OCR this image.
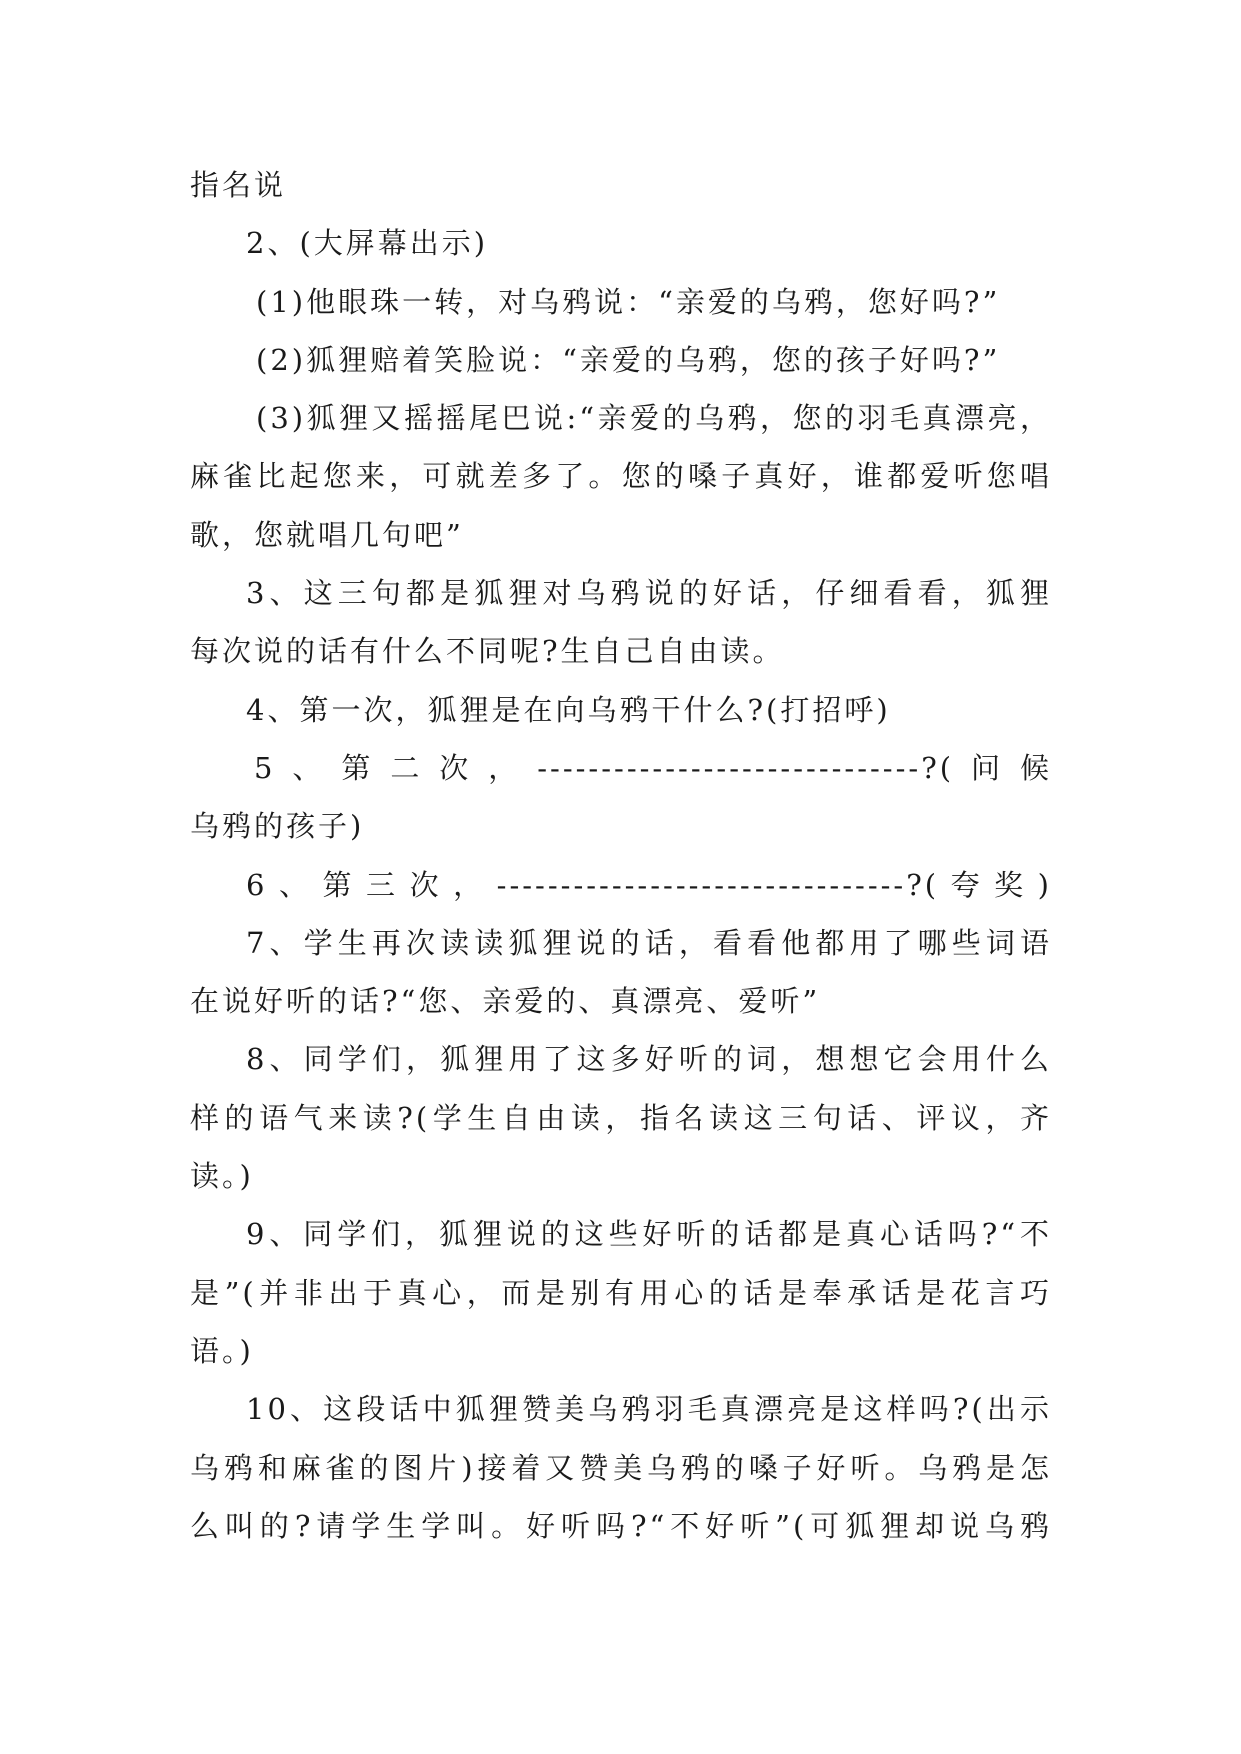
指名说
2、(大屏幕出示)
(1)他眼珠一转，对乌鸦说：“亲爱的乌鸦，您好吗?”
(2)狐狸赔着笑脸说：“亲爱的乌鸦，您的孩子好吗?”
(3)狐狸又摇摇尾巴说:“亲爱的乌鸦，您的羽毛真漂亮，
麻雀比起您来，可就差多了。您的嗓子真好，谁都爱听您唱
歌，您就唱几句吧”
3、这三句都是狐狸对乌鸦说的好话，仔细看看，狐狸
每次说的话有什么不同呢?生自己自由读。
4、第一次，狐狸是在向乌鸦干什么?(打招呼)
5、第二次，------------------------------?(问候
乌鸦的孩子)
6、第三次，--------------------------------?(夸奖)
7、学生再次读读狐狸说的话，看看他都用了哪些词语
在说好听的话?“您、亲爱的、真漂亮、爱听”
8、同学们，狐狸用了这多好听的词，想想它会用什么
样的语气来读?(学生自由读，指名读这三句话、评议，齐
读。)
9、同学们，狐狸说的这些好听的话都是真心话吗?“不
是”(并非出于真心，而是别有用心的话是奉承话是花言巧
语。)
10、这段话中狐狸赞美乌鸦羽毛真漂亮是这样吗?(出示
乌鸦和麻雀的图片)接着又赞美乌鸦的嗓子好听。乌鸦是怎
么叫的?请学生学叫。好听吗?“不好听”(可狐狸却说乌鸦
